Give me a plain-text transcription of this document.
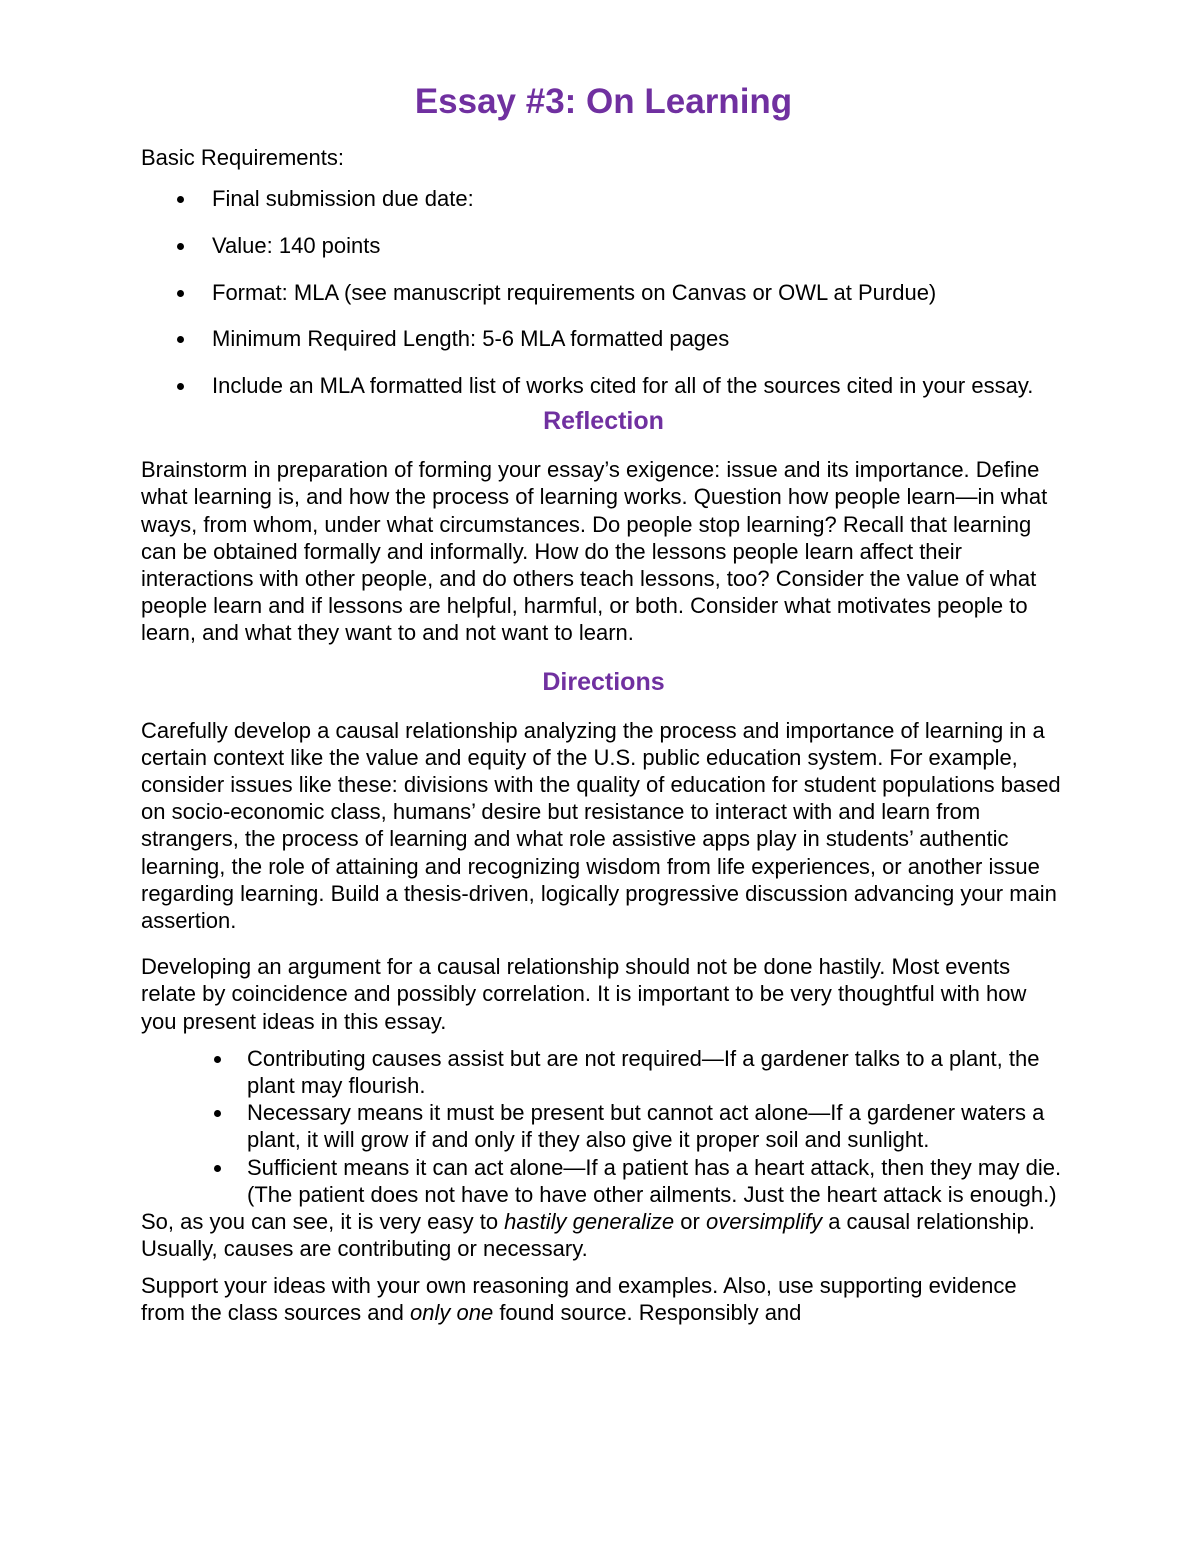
Essay #3: On Learning

Basic Requirements:

Final submission due date:
Value: 140 points
Format: MLA (see manuscript requirements on Canvas or OWL at Purdue)
Minimum Required Length: 5-6 MLA formatted pages
Include an MLA formatted list of works cited for all of the sources cited in your essay.
Reflection

Brainstorm in preparation of forming your essay’s exigence: issue and its importance. Define what learning is, and how the process of learning works. Question how people learn—in what ways, from whom, under what circumstances. Do people stop learning? Recall that learning can be obtained formally and informally. How do the lessons people learn affect their interactions with other people, and do others teach lessons, too? Consider the value of what people learn and if lessons are helpful, harmful, or both. Consider what motivates people to learn, and what they want to and not want to learn.

Directions

Carefully develop a causal relationship analyzing the process and importance of learning in a certain context like the value and equity of the U.S. public education system. For example, consider issues like these: divisions with the quality of education for student populations based on socio-economic class, humans’ desire but resistance to interact with and learn from strangers, the process of learning and what role assistive apps play in students’ authentic learning, the role of attaining and recognizing wisdom from life experiences, or another issue regarding learning. Build a thesis-driven, logically progressive discussion advancing your main assertion.

Developing an argument for a causal relationship should not be done hastily. Most events relate by coincidence and possibly correlation. It is important to be very thoughtful with how you present ideas in this essay.

Contributing causes assist but are not required—If a gardener talks to a plant, the plant may flourish.
Necessary means it must be present but cannot act alone—If a gardener waters a plant, it will grow if and only if they also give it proper soil and sunlight.
Sufficient means it can act alone—If a patient has a heart attack, then they may die. (The patient does not have to have other ailments. Just the heart attack is enough.)

So, as you can see, it is very easy to hastily generalize or oversimplify a causal relationship. Usually, causes are contributing or necessary.

Support your ideas with your own reasoning and examples. Also, use supporting evidence from the class sources and only one found source. Responsibly and
